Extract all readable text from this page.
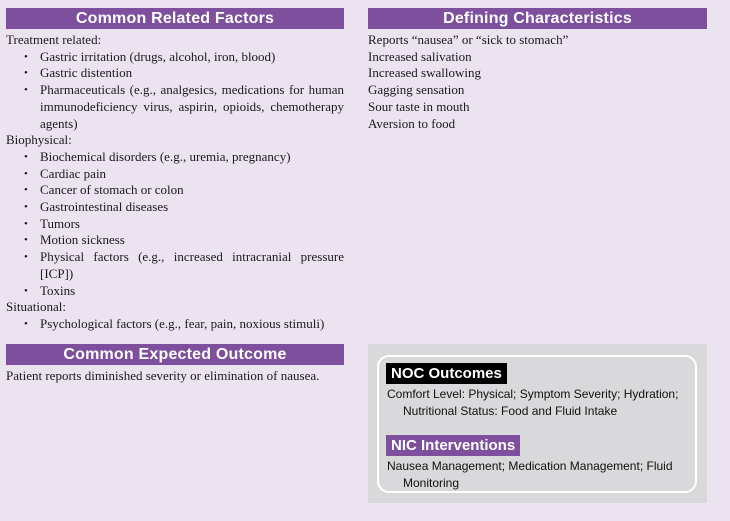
Common Related Factors
Treatment related:
• Gastric irritation (drugs, alcohol, iron, blood)
• Gastric distention
• Pharmaceuticals (e.g., analgesics, medications for human immunodeficiency virus, aspirin, opioids, chemotherapy agents)
Biophysical:
• Biochemical disorders (e.g., uremia, pregnancy)
• Cardiac pain
• Cancer of stomach or colon
• Gastrointestinal diseases
• Tumors
• Motion sickness
• Physical factors (e.g., increased intracranial pressure [ICP])
• Toxins
Situational:
• Psychological factors (e.g., fear, pain, noxious stimuli)
Defining Characteristics
Reports “nausea” or “sick to stomach”
Increased salivation
Increased swallowing
Gagging sensation
Sour taste in mouth
Aversion to food
Common Expected Outcome
Patient reports diminished severity or elimination of nausea.	NOC Outcomes
Comfort Level: Physical; Symptom Severity; Hydration; Nutritional Status: Food and Fluid Intake
NIC Interventions
Nausea Management; Medication Management; Fluid Monitoring
